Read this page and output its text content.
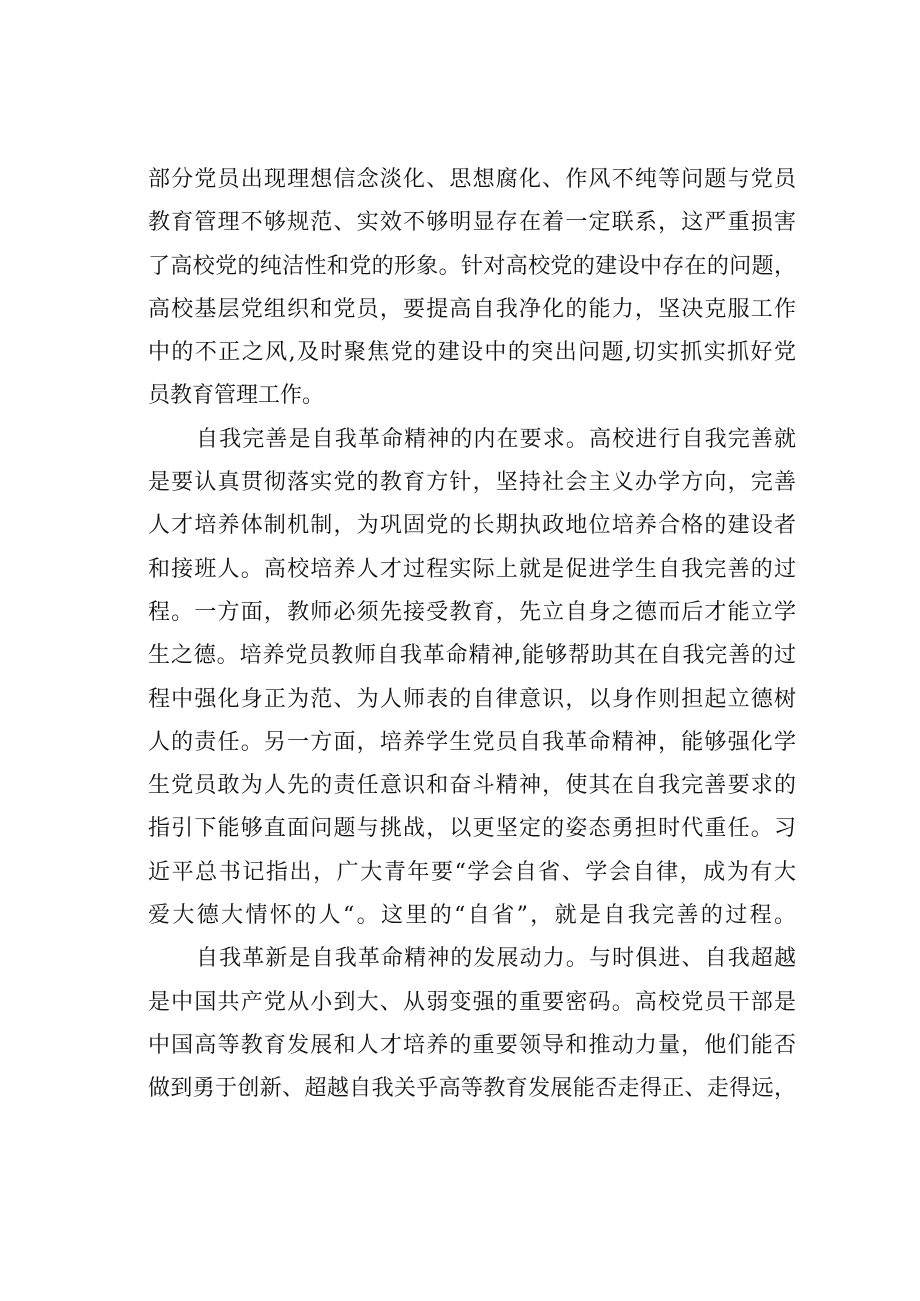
部分党员出现理想信念淡化、思想腐化、作风不纯等问题与党员
教育管理不够规范、实效不够明显存在着一定联系，这严重损害
了高校党的纯洁性和党的形象。针对高校党的建设中存在的问题，
高校基层党组织和党员，要提高自我净化的能力，坚决克服工作
中的不正之风,及时聚焦党的建设中的突出问题,切实抓实抓好党
员教育管理工作。
自我完善是自我革命精神的内在要求。高校进行自我完善就
是要认真贯彻落实党的教育方针，坚持社会主义办学方向，完善
人才培养体制机制，为巩固党的长期执政地位培养合格的建设者
和接班人。高校培养人才过程实际上就是促进学生自我完善的过
程。一方面，教师必须先接受教育，先立自身之德而后才能立学
生之德。培养党员教师自我革命精神,能够帮助其在自我完善的过
程中强化身正为范、为人师表的自律意识，以身作则担起立德树
人的责任。另一方面，培养学生党员自我革命精神，能够强化学
生党员敢为人先的责任意识和奋斗精神，使其在自我完善要求的
指引下能够直面问题与挑战，以更坚定的姿态勇担时代重任。习
近平总书记指出，广大青年要“学会自省、学会自律，成为有大
爱大德大情怀的人“。这里的“自省”，就是自我完善的过程。
自我革新是自我革命精神的发展动力。与时俱进、自我超越
是中国共产党从小到大、从弱变强的重要密码。高校党员干部是
中国高等教育发展和人才培养的重要领导和推动力量，他们能否
做到勇于创新、超越自我关乎高等教育发展能否走得正、走得远，
